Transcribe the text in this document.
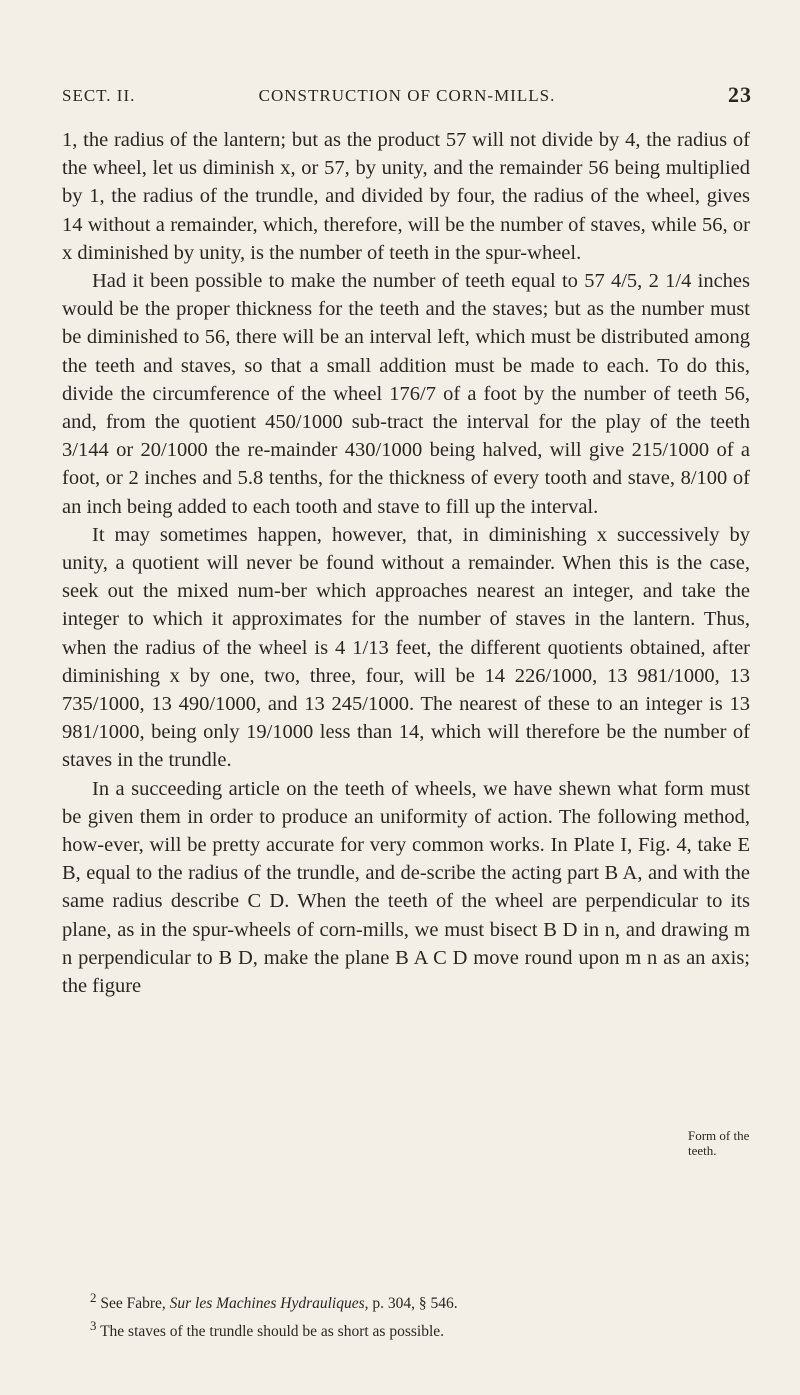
SECT. II.	CONSTRUCTION OF CORN-MILLS.	23

1, the radius of the lantern; but as the product 57 will not divide by 4, the radius of the wheel, let us diminish x, or 57, by unity, and the remainder 56 being multiplied by 1, the radius of the trundle, and divided by four, the radius of the wheel, gives 14 without a remainder, which, therefore, will be the number of staves, while 56, or x diminished by unity, is the number of teeth in the spur-wheel.

Had it been possible to make the number of teeth equal to 57 4/5, 2 1/4 inches would be the proper thickness for the teeth and the staves; but as the number must be diminished to 56, there will be an interval left, which must be distributed among the teeth and staves, so that a small addition must be made to each. To do this, divide the circumference of the wheel 176/7 of a foot by the number of teeth 56, and, from the quotient 450/1000 sub-tract the interval for the play of the teeth 3/144 or 20/1000 the re-mainder 430/1000 being halved, will give 215/1000 of a foot, or 2 inches and 5.8 tenths, for the thickness of every tooth and stave, 8/100 of an inch being added to each tooth and stave to fill up the interval.

It may sometimes happen, however, that, in diminishing x successively by unity, a quotient will never be found without a remainder. When this is the case, seek out the mixed num-ber which approaches nearest an integer, and take the integer to which it approximates for the number of staves in the lantern. Thus, when the radius of the wheel is 4 1/13 feet, the different quotients obtained, after diminishing x by one, two, three, four, will be 14 226/1000, 13 981/1000, 13 735/1000, 13 490/1000, and 13 245/1000. The nearest of these to an integer is 13 981/1000, being only 19/1000 less than 14, which will therefore be the number of staves in the trundle.

In a succeeding article on the teeth of wheels, we have shewn what form must be given them in order to produce an uniformity of action. The following method, how-ever, will be pretty accurate for very common works. In Plate I, Fig. 4, take E B, equal to the radius of the trundle, and de-scribe the acting part B A, and with the same radius describe C D. When the teeth of the wheel are perpendicular to its plane, as in the spur-wheels of corn-mills, we must bisect B D in n, and drawing m n perpendicular to B D, make the plane B A C D move round upon m n as an axis; the figure

Form of the
teeth.

$^2$ See Fabre, Sur les Machines Hydrauliques, p. 304, § 546.

$^3$ The staves of the trundle should be as short as possible.
